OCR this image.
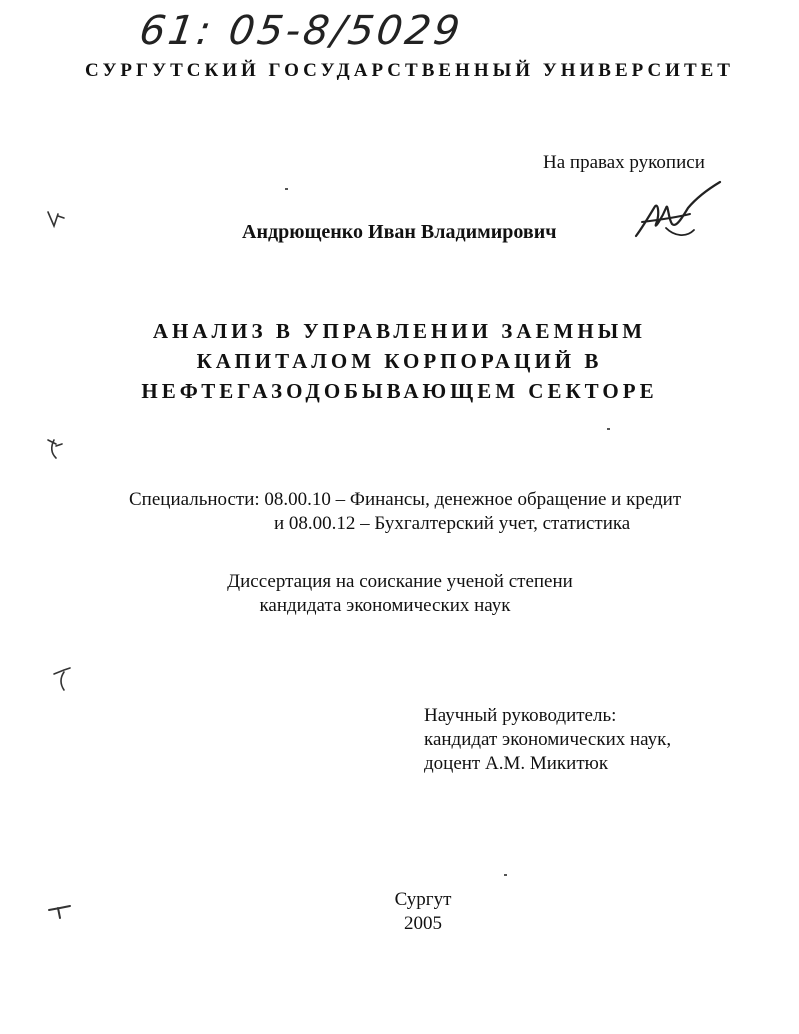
61: 05-8/5029
СУРГУТСКИЙ ГОСУДАРСТВЕННЫЙ УНИВЕРСИТЕТ
На правах рукописи
Андрющенко Иван Владимирович
АНАЛИЗ В УПРАВЛЕНИИ ЗАЕМНЫМ
КАПИТАЛОМ КОРПОРАЦИЙ В
НЕФТЕГАЗОДОБЫВАЮЩЕМ СЕКТОРЕ
Специальности: 08.00.10 – Финансы, денежное обращение и кредит
и 08.00.12 – Бухгалтерский учет, статистика
Диссертация на соискание ученой степени
кандидата экономических наук
Научный руководитель:
кандидат экономических наук,
доцент А.М. Микитюк
Сургут
2005
